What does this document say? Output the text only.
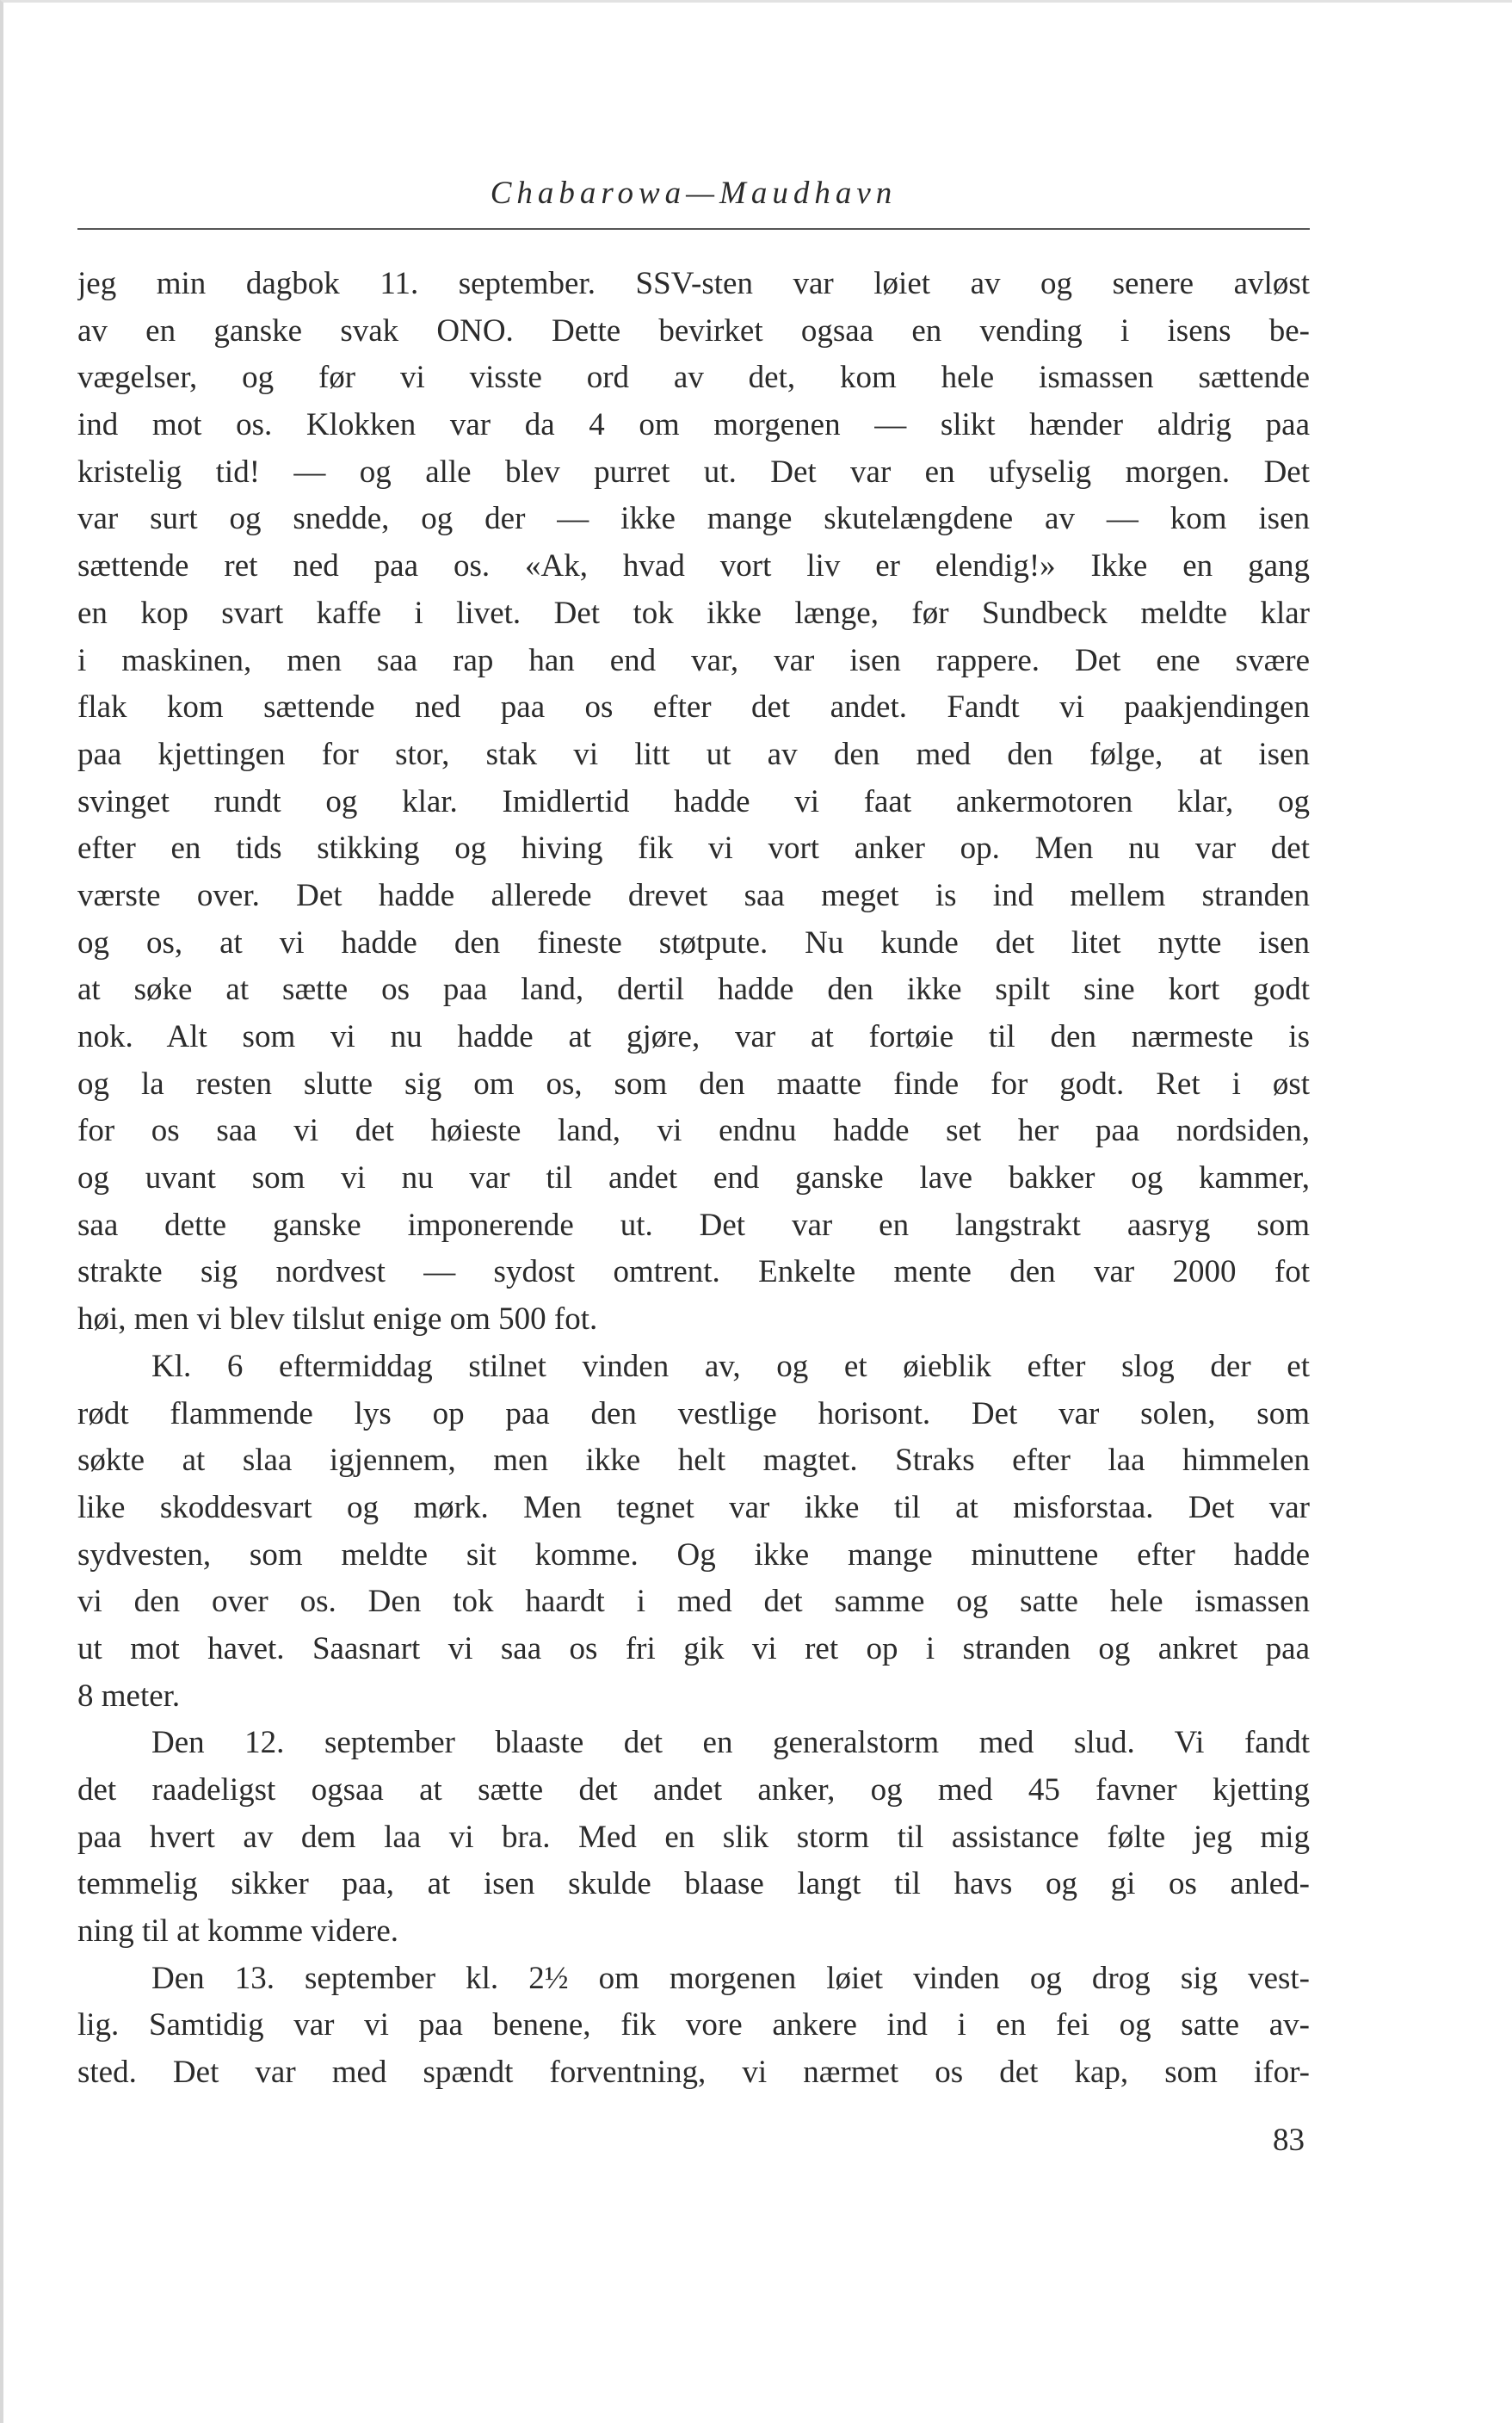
Chabarowa—Maudhavn
jeg min dagbok 11. september. SSV-sten var løiet av og senere avløst
av en ganske svak ONO. Dette bevirket ogsaa en vending i isens be-
vægelser, og før vi visste ord av det, kom hele ismassen sættende
ind mot os. Klokken var da 4 om morgenen — slikt hænder aldrig paa
kristelig tid! — og alle blev purret ut. Det var en ufyselig morgen. Det
var surt og snedde, og der — ikke mange skutelængdene av — kom isen
sættende ret ned paa os. «Ak, hvad vort liv er elendig!» Ikke en gang
en kop svart kaffe i livet. Det tok ikke længe, før Sundbeck meldte klar
i maskinen, men saa rap han end var, var isen rappere. Det ene svære
flak kom sættende ned paa os efter det andet. Fandt vi paakjendingen
paa kjettingen for stor, stak vi litt ut av den med den følge, at isen
svinget rundt og klar. Imidlertid hadde vi faat ankermotoren klar, og
efter en tids stikking og hiving fik vi vort anker op. Men nu var det
værste over. Det hadde allerede drevet saa meget is ind mellem stranden
og os, at vi hadde den fineste støtpute. Nu kunde det litet nytte isen
at søke at sætte os paa land, dertil hadde den ikke spilt sine kort godt
nok. Alt som vi nu hadde at gjøre, var at fortøie til den nærmeste is
og la resten slutte sig om os, som den maatte finde for godt. Ret i øst
for os saa vi det høieste land, vi endnu hadde set her paa nordsiden,
og uvant som vi nu var til andet end ganske lave bakker og kammer,
saa dette ganske imponerende ut. Det var en langstrakt aasryg som
strakte sig nordvest — sydost omtrent. Enkelte mente den var 2000 fot
høi, men vi blev tilslut enige om 500 fot.
Kl. 6 eftermiddag stilnet vinden av, og et øieblik efter slog der et
rødt flammende lys op paa den vestlige horisont. Det var solen, som
søkte at slaa igjennem, men ikke helt magtet. Straks efter laa himmelen
like skoddesvart og mørk. Men tegnet var ikke til at misforstaa. Det var
sydvesten, som meldte sit komme. Og ikke mange minuttene efter hadde
vi den over os. Den tok haardt i med det samme og satte hele ismassen
ut mot havet. Saasnart vi saa os fri gik vi ret op i stranden og ankret paa
8 meter.
Den 12. september blaaste det en generalstorm med slud. Vi fandt
det raadeligst ogsaa at sætte det andet anker, og med 45 favner kjetting
paa hvert av dem laa vi bra. Med en slik storm til assistance følte jeg mig
temmelig sikker paa, at isen skulde blaase langt til havs og gi os anled-
ning til at komme videre.
Den 13. september kl. 2½ om morgenen løiet vinden og drog sig vest-
lig. Samtidig var vi paa benene, fik vore ankere ind i en fei og satte av-
sted. Det var med spændt forventning, vi nærmet os det kap, som ifor-
83
